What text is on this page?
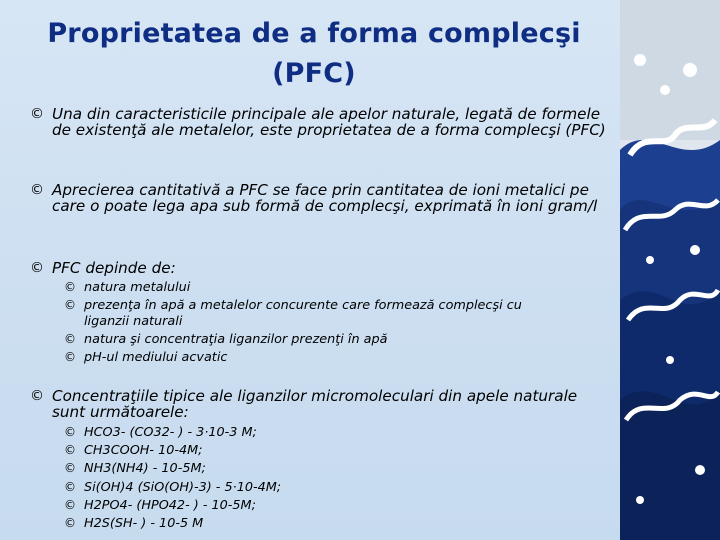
Proprietatea de a forma complecşi
(PFC)
© Una din caracteristicile principale ale apelor naturale, legată de formele de existenţă ale metalelor, este proprietatea de a forma complecşi (PFC)
© Aprecierea cantitativă a PFC se face prin cantitatea de ioni metalici pe care o poate lega apa sub formă de complecşi, exprimată în ioni gram/l
© PFC depinde de:
© natura metalului
© prezenţa în apă a metalelor concurente care formează complecşi cu liganzii naturali
© natura şi concentraţia liganzilor prezenţi în apă
© pH-ul mediului acvatic
© Concentraţiile tipice ale liganzilor micromoleculari din apele naturale sunt următoarele:
© HCO3- (CO32- ) - 3·10-3 M;
© CH3COOH- 10-4M;
© NH3(NH4) - 10-5M;
© Si(OH)4 (SiO(OH)-3) - 5·10-4M;
© H2PO4- (HPO42- ) - 10-5M;
© H2S(SH- ) - 10-5 M
